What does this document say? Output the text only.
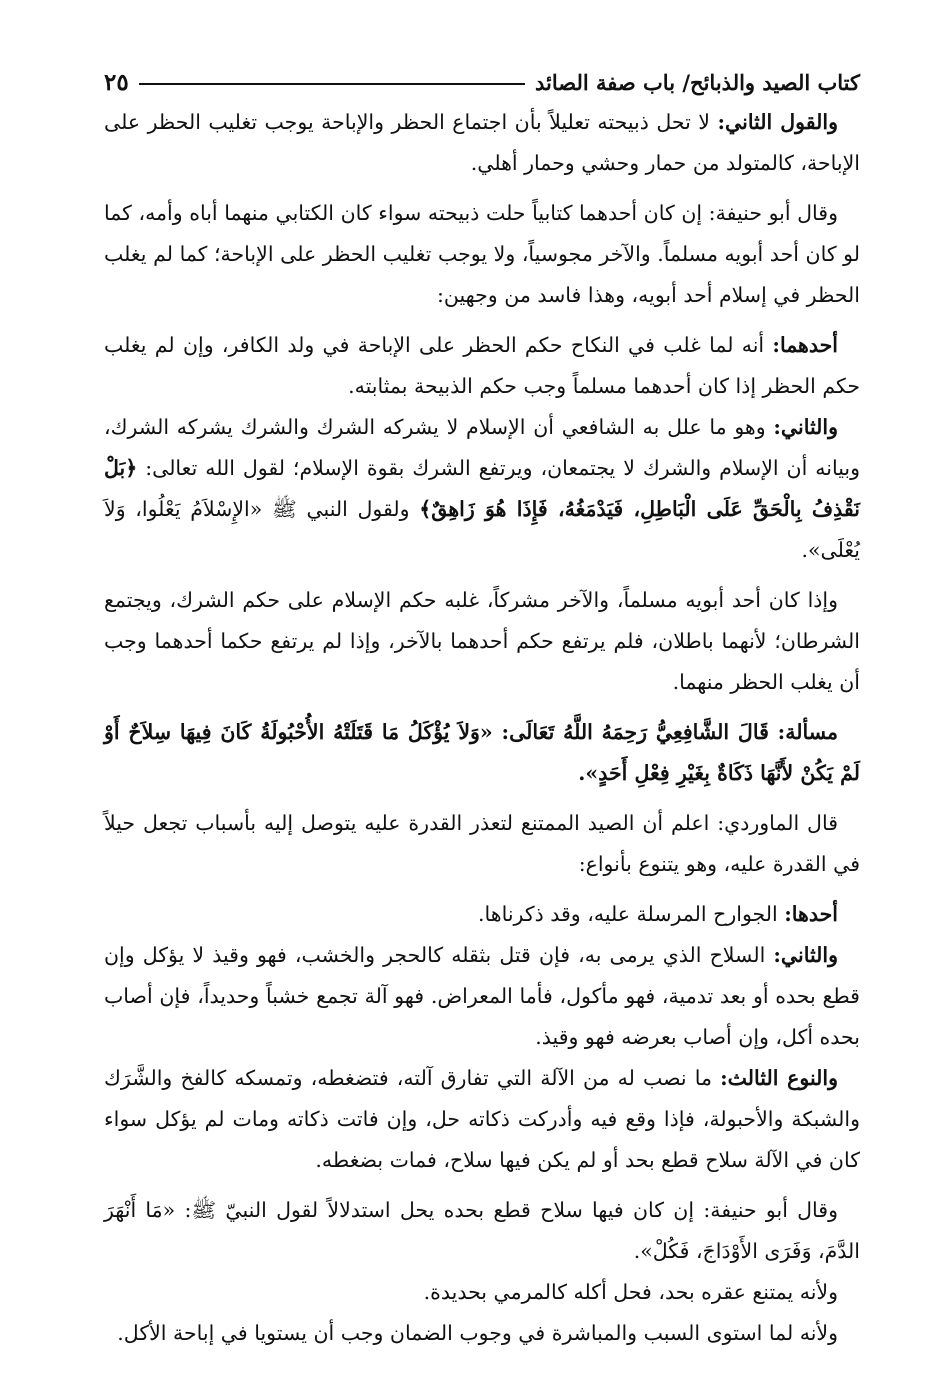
كتاب الصيد والذبائح/ باب صفة الصائد
٢٥

والقول الثاني: لا تحل ذبيحته تعليلاً بأن اجتماع الحظر والإباحة يوجب تغليب الحظر على الإباحة، كالمتولد من حمار وحشي وحمار أهلي.

وقال أبو حنيفة: إن كان أحدهما كتابياً حلت ذبيحته سواء كان الكتابي منهما أباه وأمه، كما لو كان أحد أبويه مسلماً. والآخر مجوسياً، ولا يوجب تغليب الحظر على الإباحة؛ كما لم يغلب الحظر في إسلام أحد أبويه، وهذا فاسد من وجهين:

أحدهما: أنه لما غلب في النكاح حكم الحظر على الإباحة في ولد الكافر، وإن لم يغلب حكم الحظر إذا كان أحدهما مسلماً وجب حكم الذبيحة بمثابته.

والثاني: وهو ما علل به الشافعي أن الإسلام لا يشركه الشرك والشرك يشركه الشرك، وبيانه أن الإسلام والشرك لا يجتمعان، ويرتفع الشرك بقوة الإسلام؛ لقول الله تعالى: ﴿بَلْ نَقْذِفُ بِالْحَقِّ عَلَى الْبَاطِلِ، فَيَدْمَغُهُ، فَإِذَا هُوَ زَاهِقٌ﴾ ولقول النبي ﷺ «الإِسْلاَمُ يَعْلُوا، وَلاَ يُعْلَى».

وإذا كان أحد أبويه مسلماً، والآخر مشركاً، غلبه حكم الإسلام على حكم الشرك، ويجتمع الشرطان؛ لأنهما باطلان، فلم يرتفع حكم أحدهما بالآخر، وإذا لم يرتفع حكما أحدهما وجب أن يغلب الحظر منهما.

مسألة: قَالَ الشَّافِعِيُّ رَحِمَهُ اللَّهُ تَعَالَى: «وَلاَ يُؤْكَلُ مَا قَتَلَتْهُ الأُحْبُولَةُ كَانَ فِيهَا سِلاَحٌ أَوْ لَمْ يَكُنْ لأَنَّهَا ذَكَاةٌ بِغَيْرِ فِعْلِ أَحَدٍ».

قال الماوردي: اعلم أن الصيد الممتنع لتعذر القدرة عليه يتوصل إليه بأسباب تجعل حيلاً في القدرة عليه، وهو يتنوع بأنواع:

أحدها: الجوارح المرسلة عليه، وقد ذكرناها.

والثاني: السلاح الذي يرمى به، فإن قتل بثقله كالحجر والخشب، فهو وقيذ لا يؤكل وإن قطع بحده أو بعد تدمية، فهو مأكول، فأما المعراض. فهو آلة تجمع خشباً وحديداً، فإن أصاب بحده أكل، وإن أصاب بعرضه فهو وقيذ.

والنوع الثالث: ما نصب له من الآلة التي تفارق آلته، فتضغطه، وتمسكه كالفخ والشَّرَك والشبكة والأحبولة، فإذا وقع فيه وأدركت ذكاته حل، وإن فاتت ذكاته ومات لم يؤكل سواء كان في الآلة سلاح قطع بحد أو لم يكن فيها سلاح، فمات بضغطه.

وقال أبو حنيفة: إن كان فيها سلاح قطع بحده يحل استدلالاً لقول النبيّ ﷺ: «مَا أَنْهَرَ الدَّمَ، وَفَرَى الأَوْدَاجَ، فَكُلْ».

ولأنه يمتنع عقره بحد، فحل أكله كالمرمي بحديدة.

ولأنه لما استوى السبب والمباشرة في وجوب الضمان وجب أن يستويا في إباحة الأكل.
